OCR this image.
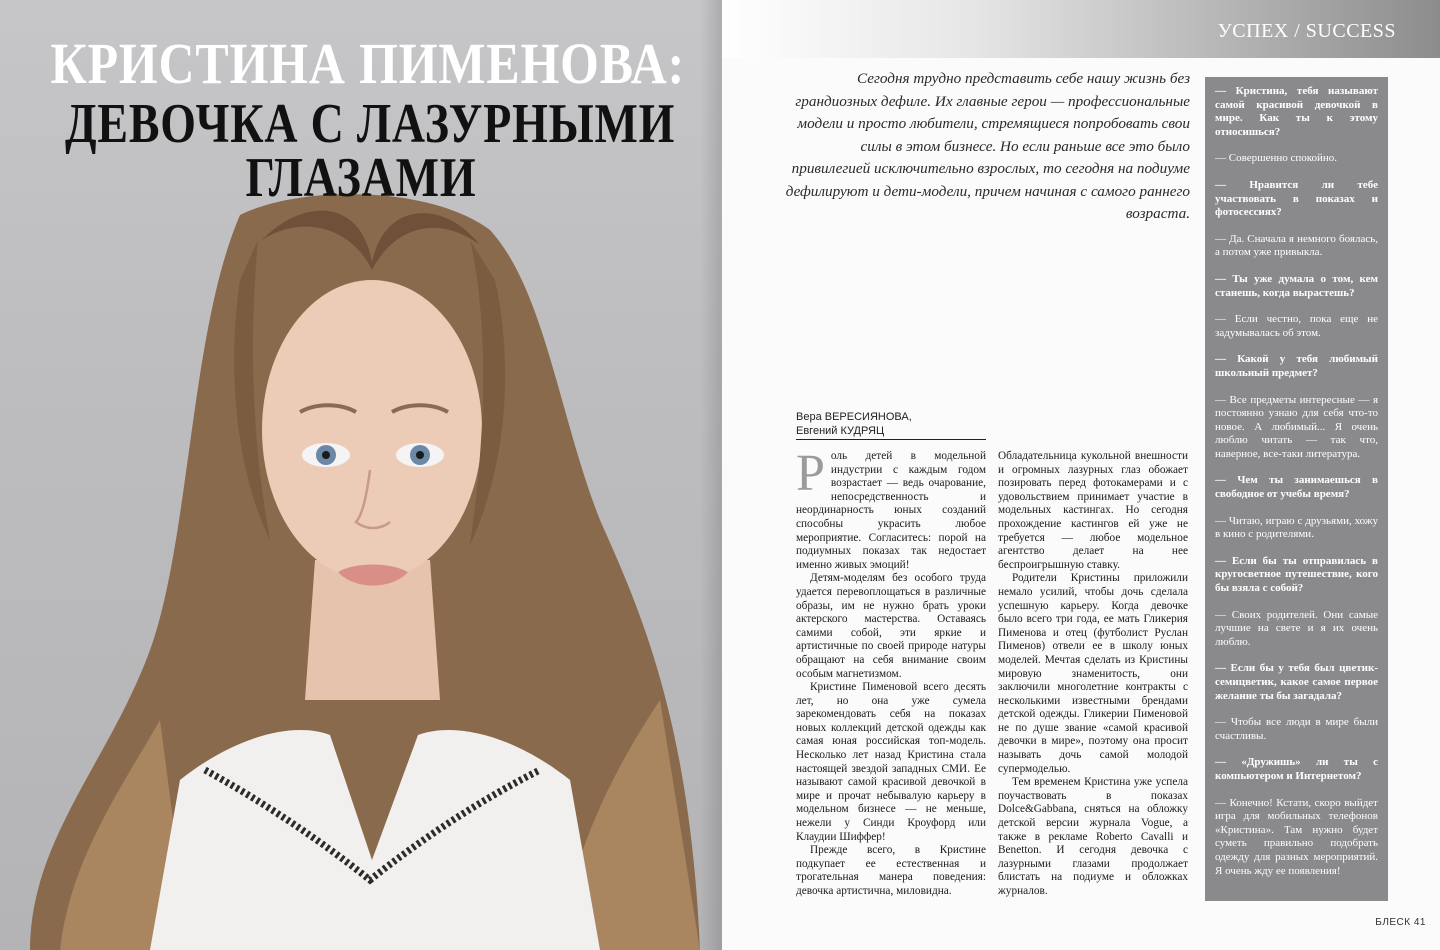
КРИСТИНА ПИМЕНОВА:
ДЕВОЧКА С ЛАЗУРНЫМИ
ГЛАЗАМИ
УСПЕХ / SUCCESS
Сегодня трудно представить себе нашу жизнь без грандиозных дефиле. Их главные герои — профессиональные модели и просто любители, стремящиеся попробовать свои силы в этом бизнесе. Но если раньше все это было привилегией исключительно взрослых, то сегодня на подиуме дефилируют и дети-модели, причем начиная с самого раннего возраста.
Вера ВЕРЕСИЯНОВА,
Евгений КУДРЯЦ

Роль детей в модельной индустрии с каждым годом возрастает — ведь очарование, непосредственность и неординарность юных созданий способны украсить любое мероприятие. Согласитесь: порой на подиумных показах так недостает именно живых эмоций!

Детям-моделям без особого труда удается перевоплощаться в различные образы, им не нужно брать уроки актерского мастерства. Оставаясь самими собой, эти яркие и артистичные по своей природе натуры обращают на себя внимание своим особым магнетизмом.

Кристине Пименовой всего десять лет, но она уже сумела зарекомендовать себя на показах новых коллекций детской одежды как самая юная российская топ-модель. Несколько лет назад Кристина стала настоящей звездой западных СМИ. Ее называют самой красивой девочкой в мире и прочат небывалую карьеру в модельном бизнесе — не меньше, нежели у Синди Кроуфорд или Клаудии Шиффер!

Прежде всего, в Кристине подкупает ее естественная и трогательная манера поведения: девочка артистична, миловидна.

Обладательница кукольной внешности и огромных лазурных глаз обожает позировать перед фотокамерами и с удовольствием принимает участие в модельных кастингах. Но сегодня прохождение кастингов ей уже не требуется — любое модельное агентство делает на нее беспроигрышную ставку.

Родители Кристины приложили немало усилий, чтобы дочь сделала успешную карьеру. Когда девочке было всего три года, ее мать Гликерия Пименова и отец (футболист Руслан Пименов) отвели ее в школу юных моделей. Мечтая сделать из Кристины мировую знаменитость, они заключили многолетние контракты с несколькими известными брендами детской одежды. Гликерии Пименовой не по душе звание «самой красивой девочки в мире», поэтому она просит называть дочь самой молодой супермоделью.

Тем временем Кристина уже успела поучаствовать в показах Dolce&Gabbana, сняться на обложку детской версии журнала Vogue, а также в рекламе Roberto Cavalli и Benetton. И сегодня девочка с лазурными глазами продолжает блистать на подиуме и обложках журналов.

— Кристина, тебя называют самой красивой девочкой в мире. Как ты к этому относишься?

— Совершенно спокойно.

— Нравится ли тебе участвовать в показах и фотосессиях?

— Да. Сначала я немного боялась, а потом уже привыкла.

— Ты уже думала о том, кем станешь, когда вырастешь?

— Если честно, пока еще не задумывалась об этом.

— Какой у тебя любимый школьный предмет?

— Все предметы интересные — я постоянно узнаю для себя что-то новое. А любимый... Я очень люблю читать — так что, наверное, все-таки литература.

— Чем ты занимаешься в свободное от учебы время?

— Читаю, играю с друзьями, хожу в кино с родителями.

— Если бы ты отправилась в кругосветное путешествие, кого бы взяла с собой?

— Своих родителей. Они самые лучшие на свете и я их очень люблю.

— Если бы у тебя был цветик-семицветик, какое самое первое желание ты бы загадала?

— Чтобы все люди в мире были счастливы.

— «Дружишь» ли ты с компьютером и Интернетом?

— Конечно! Кстати, скоро выйдет игра для мобильных телефонов «Кристина». Там нужно будет суметь правильно подобрать одежду для разных мероприятий. Я очень жду ее появления!

БЛЕСК 41
